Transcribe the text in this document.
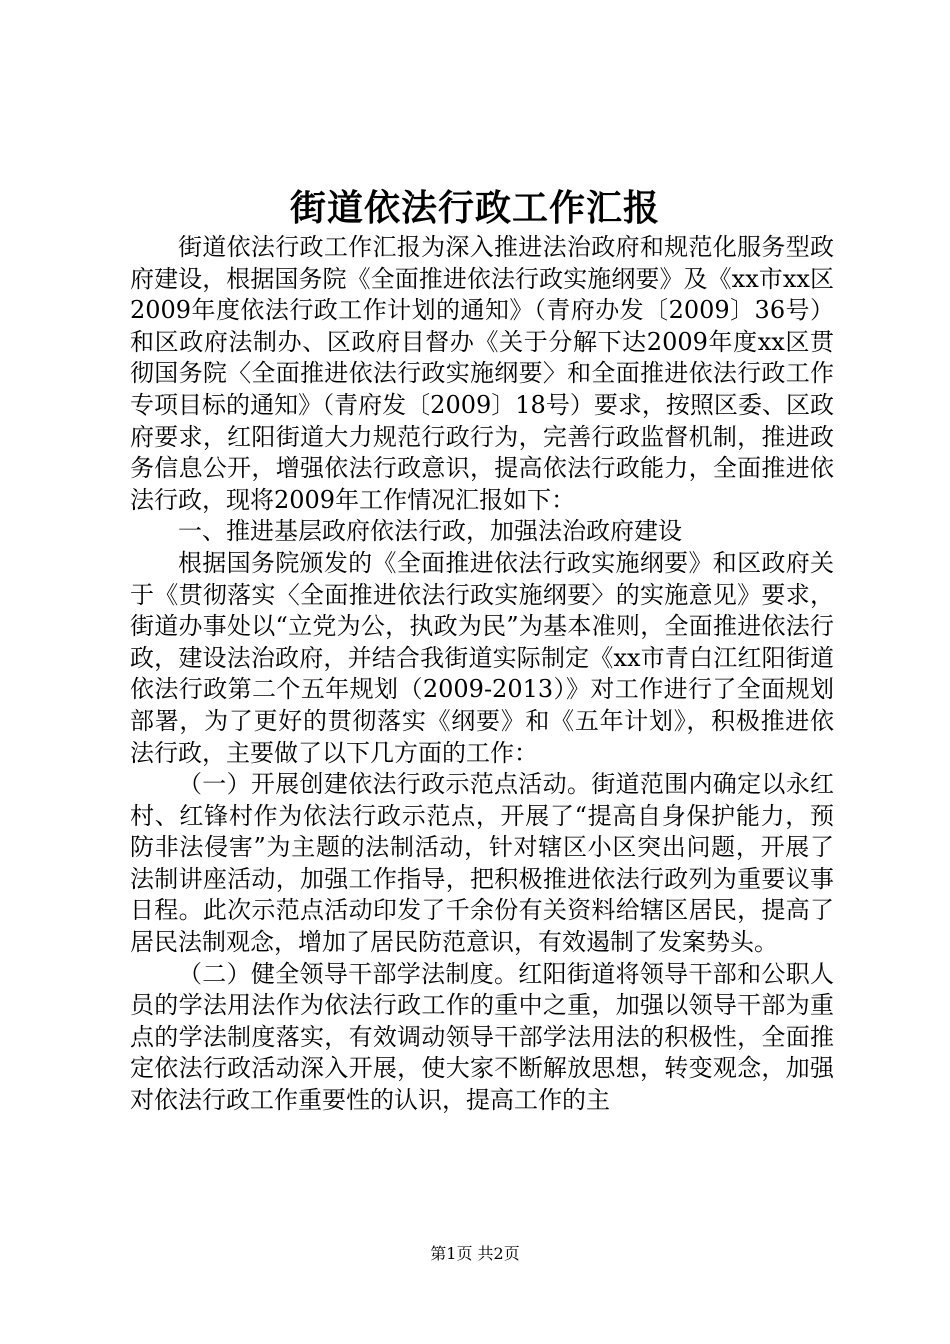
街道依法行政工作汇报

街道依法行政工作汇报为深入推进法治政府和规范化服务型政府建设，根据国务院《全面推进依法行政实施纲要》及《xx市xx区2009年度依法行政工作计划的通知》（青府办发〔2009〕36号）和区政府法制办、区政府目督办《关于分解下达2009年度xx区贯彻国务院〈全面推进依法行政实施纲要〉和全面推进依法行政工作专项目标的通知》（青府发〔2009〕18号）要求，按照区委、区政府要求，红阳街道大力规范行政行为，完善行政监督机制，推进政务信息公开，增强依法行政意识，提高依法行政能力，全面推进依法行政，现将2009年工作情况汇报如下：

一、推进基层政府依法行政，加强法治政府建设

根据国务院颁发的《全面推进依法行政实施纲要》和区政府关于《贯彻落实〈全面推进依法行政实施纲要〉的实施意见》要求，街道办事处以“立党为公，执政为民”为基本准则，全面推进依法行政，建设法治政府，并结合我街道实际制定《xx市青白江红阳街道依法行政第二个五年规划（2009-2013）》对工作进行了全面规划部署，为了更好的贯彻落实《纲要》和《五年计划》，积极推进依法行政，主要做了以下几方面的工作：

（一）开展创建依法行政示范点活动。街道范围内确定以永红村、红锋村作为依法行政示范点，开展了“提高自身保护能力，预防非法侵害”为主题的法制活动，针对辖区小区突出问题，开展了法制讲座活动，加强工作指导，把积极推进依法行政列为重要议事日程。此次示范点活动印发了千余份有关资料给辖区居民，提高了居民法制观念，增加了居民防范意识，有效遏制了发案势头。

（二）健全领导干部学法制度。红阳街道将领导干部和公职人员的学法用法作为依法行政工作的重中之重，加强以领导干部为重点的学法制度落实，有效调动领导干部学法用法的积极性，全面推定依法行政活动深入开展，使大家不断解放思想，转变观念，加强对依法行政工作重要性的认识，提高工作的主

第1页 共2页
